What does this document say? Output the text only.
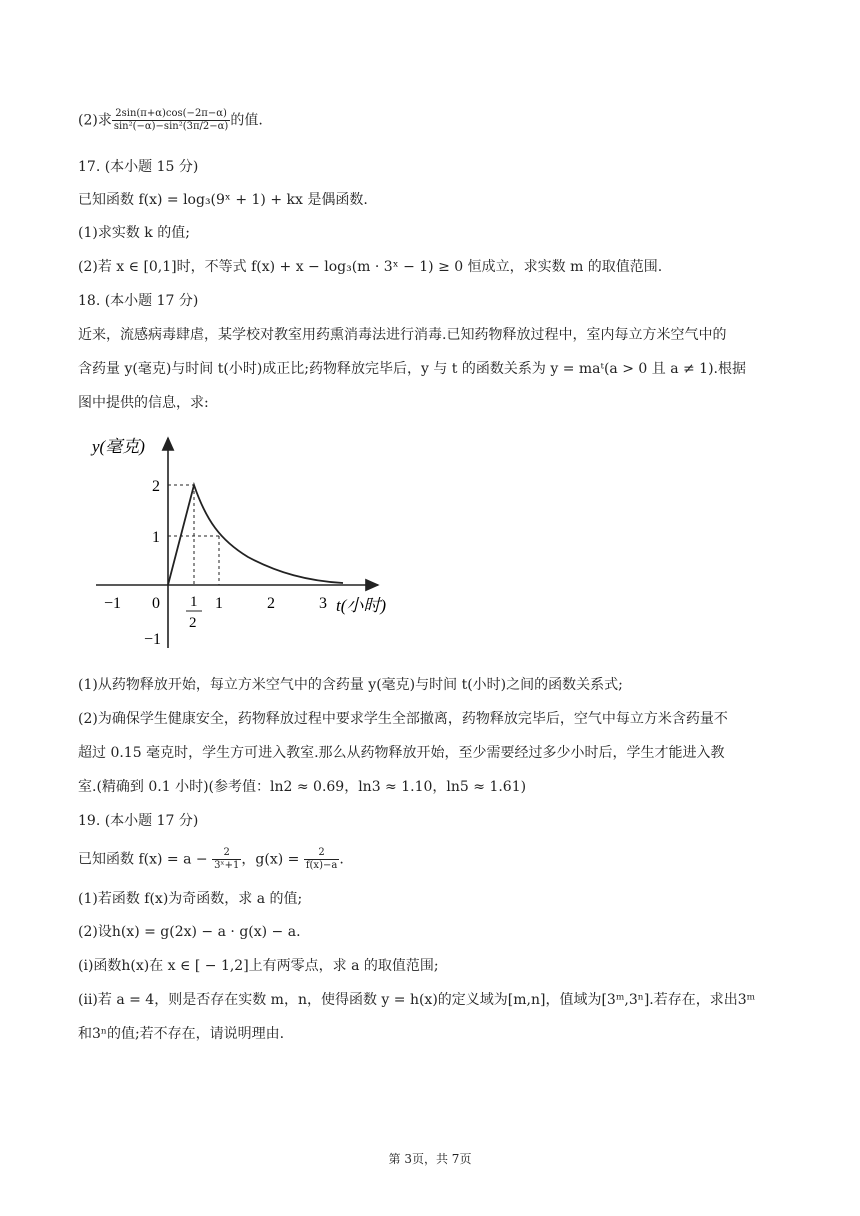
(2)求 $\frac{2\sin(\pi+\alpha)\cos(-2\pi-\alpha)}{\text{sin²(−α)−sin²(3π/2−α)}}$ 的值.
17. (本小题 15 分)
已知函数 f(x) = log₃(9ˣ + 1) + kx 是偶函数.
(1)求实数 k 的值;
(2)若 x ∈ [0,1]时，不等式 f(x) + x − log₃(m · 3ˣ − 1) ≥ 0 恒成立，求实数 m 的取值范围.
18. (本小题 17 分)
近来，流感病毒肆虐，某学校对教室用药熏消毒法进行消毒.已知药物释放过程中，室内每立方米空气中的
含药量 y(毫克)与时间 t(小时)成正比;药物释放完毕后，y 与 t 的函数关系为 y = maᵗ(a > 0 且 a ≠ 1).根据
图中提供的信息，求:
y(毫克)
t(小时)
2
1
−1
−1 0	1	2	3
1
2
(1)从药物释放开始，每立方米空气中的含药量 y(毫克)与时间 t(小时)之间的函数关系式;
(2)为确保学生健康安全，药物释放过程中要求学生全部撤离，药物释放完毕后，空气中每立方米含药量不
超过 0.15 毫克时，学生方可进入教室.那么从药物释放开始，至少需要经过多少小时后，学生才能进入教
室.(精确到 0.1 小时)(参考值：ln2 ≈ 0.69，ln3 ≈ 1.10，ln5 ≈ 1.61)
19. (本小题 17 分)
已知函数 $f(x) = a - \frac{2}{\text{3ˣ+1}}$ ，$g(x) = \frac{2}{f(x)-a}$ .
(1)若函数 f(x)为奇函数，求 a 的值;
(2)设h(x) = g(2x) − a · g(x) − a.
(ⅰ)函数h(x)在 x ∈ [ − 1,2]上有两零点，求 a 的取值范围;
(ⅱ)若 a = 4，则是否存在实数 m，n，使得函数 y = h(x)的定义域为[m,n]，值域为[3ᵐ,3ⁿ].若存在，求出3ᵐ
和3ⁿ的值;若不存在，请说明理由.
第 3页，共 7页
